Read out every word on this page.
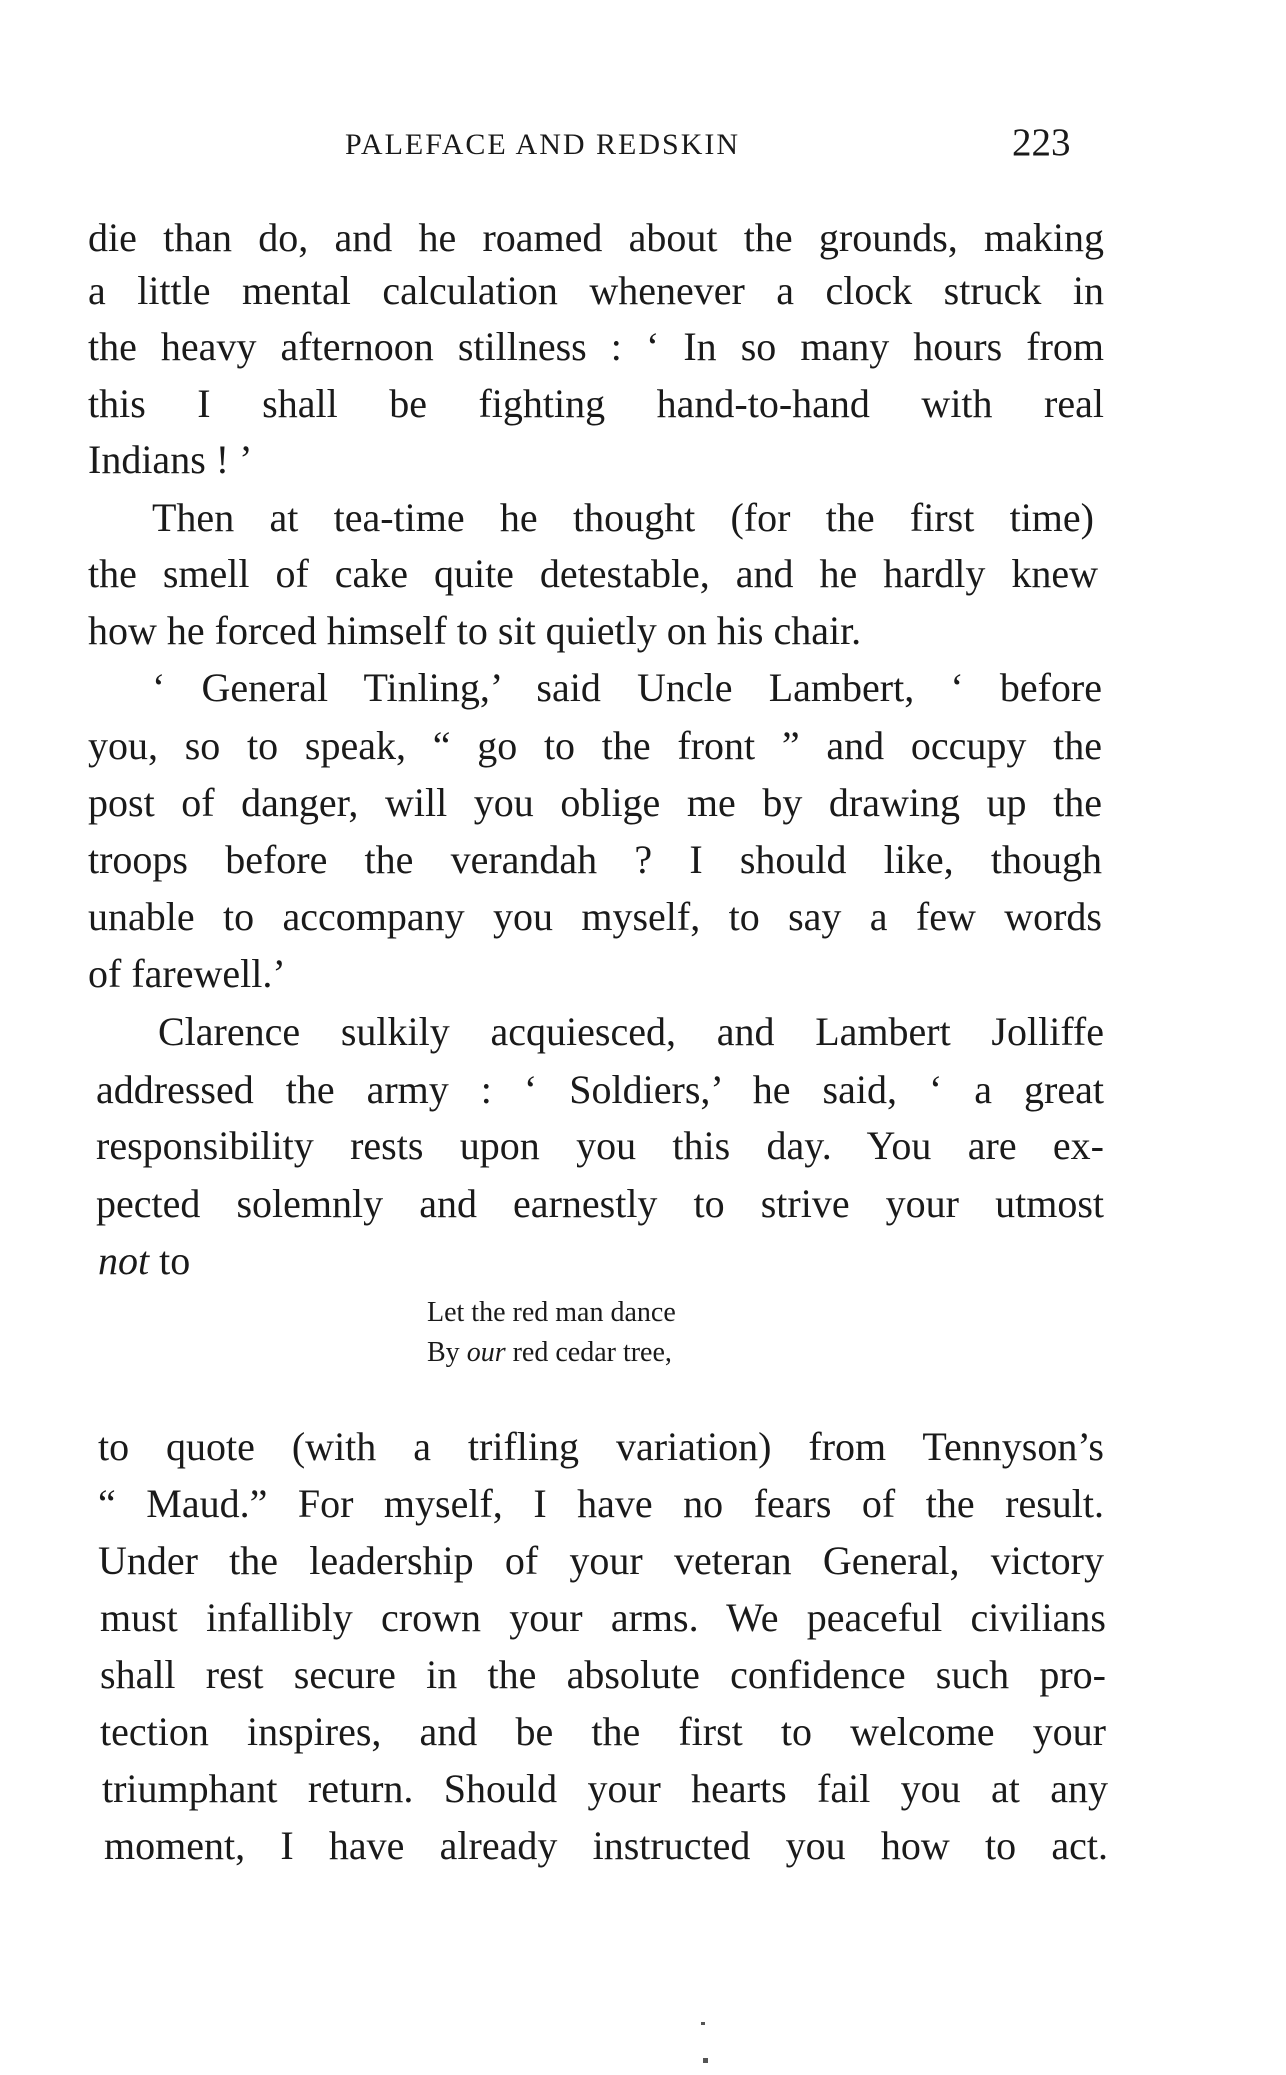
PALEFACE AND REDSKIN	223
die than do, and he roamed about the grounds, making
a little mental calculation whenever a clock struck in
the heavy afternoon stillness : ‘ In so many hours from
this I shall be fighting hand-to-hand with real
Indians ! ’
Then at tea-time he thought (for the first time)
the smell of cake quite detestable, and he hardly knew
how he forced himself to sit quietly on his chair.
‘ General Tinling,’ said Uncle Lambert, ‘ before
you, so to speak, “ go to the front ” and occupy the
post of danger, will you oblige me by drawing up the
troops before the verandah ? I should like, though
unable to accompany you myself, to say a few words
of farewell.’
Clarence sulkily acquiesced, and Lambert Jolliffe
addressed the army : ‘ Soldiers,’ he said, ‘ a great
responsibility rests upon you this day. You are ex-
pected solemnly and earnestly to strive your utmost
not to
Let the red man dance
By our red cedar tree,
to quote (with a trifling variation) from Tennyson’s
“ Maud.” For myself, I have no fears of the result.
Under the leadership of your veteran General, victory
must infallibly crown your arms. We peaceful civilians
shall rest secure in the absolute confidence such pro-
tection inspires, and be the first to welcome your
triumphant return. Should your hearts fail you at any
moment, I have already instructed you how to act.
